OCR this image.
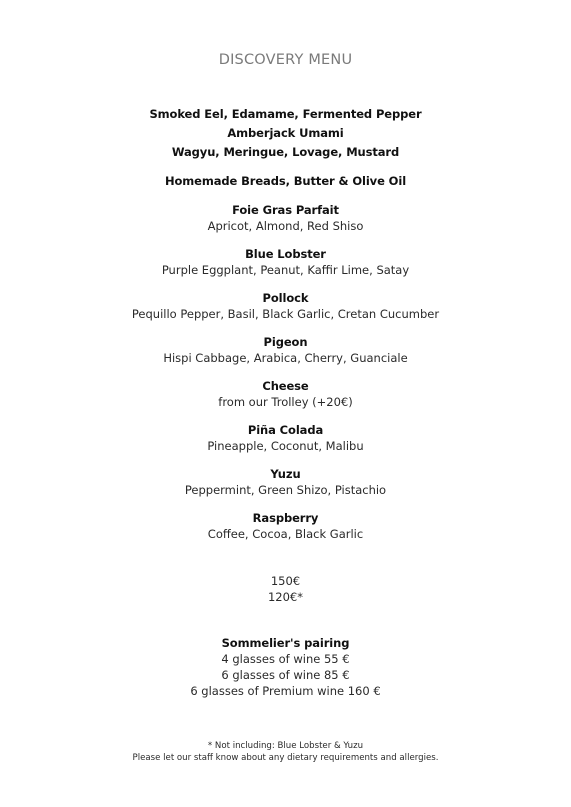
DISCOVERY MENU
Smoked Eel, Edamame, Fermented Pepper
Amberjack Umami
Wagyu, Meringue, Lovage, Mustard
Homemade Breads, Butter & Olive Oil
Foie Gras Parfait
Apricot, Almond, Red Shiso
Blue Lobster
Purple Eggplant, Peanut, Kaffir Lime, Satay
Pollock
Pequillo Pepper, Basil, Black Garlic, Cretan Cucumber
Pigeon
Hispi Cabbage, Arabica, Cherry, Guanciale
Cheese
from our Trolley (+20€)
Piña Colada
Pineapple, Coconut, Malibu
Yuzu
Peppermint, Green Shizo, Pistachio
Raspberry
Coffee, Cocoa, Black Garlic
150€
120€*
Sommelier's pairing
4 glasses of wine 55 €
6 glasses of wine 85 €
6 glasses of Premium wine 160 €
* Not including: Blue Lobster & Yuzu
Please let our staff know about any dietary requirements and allergies.
